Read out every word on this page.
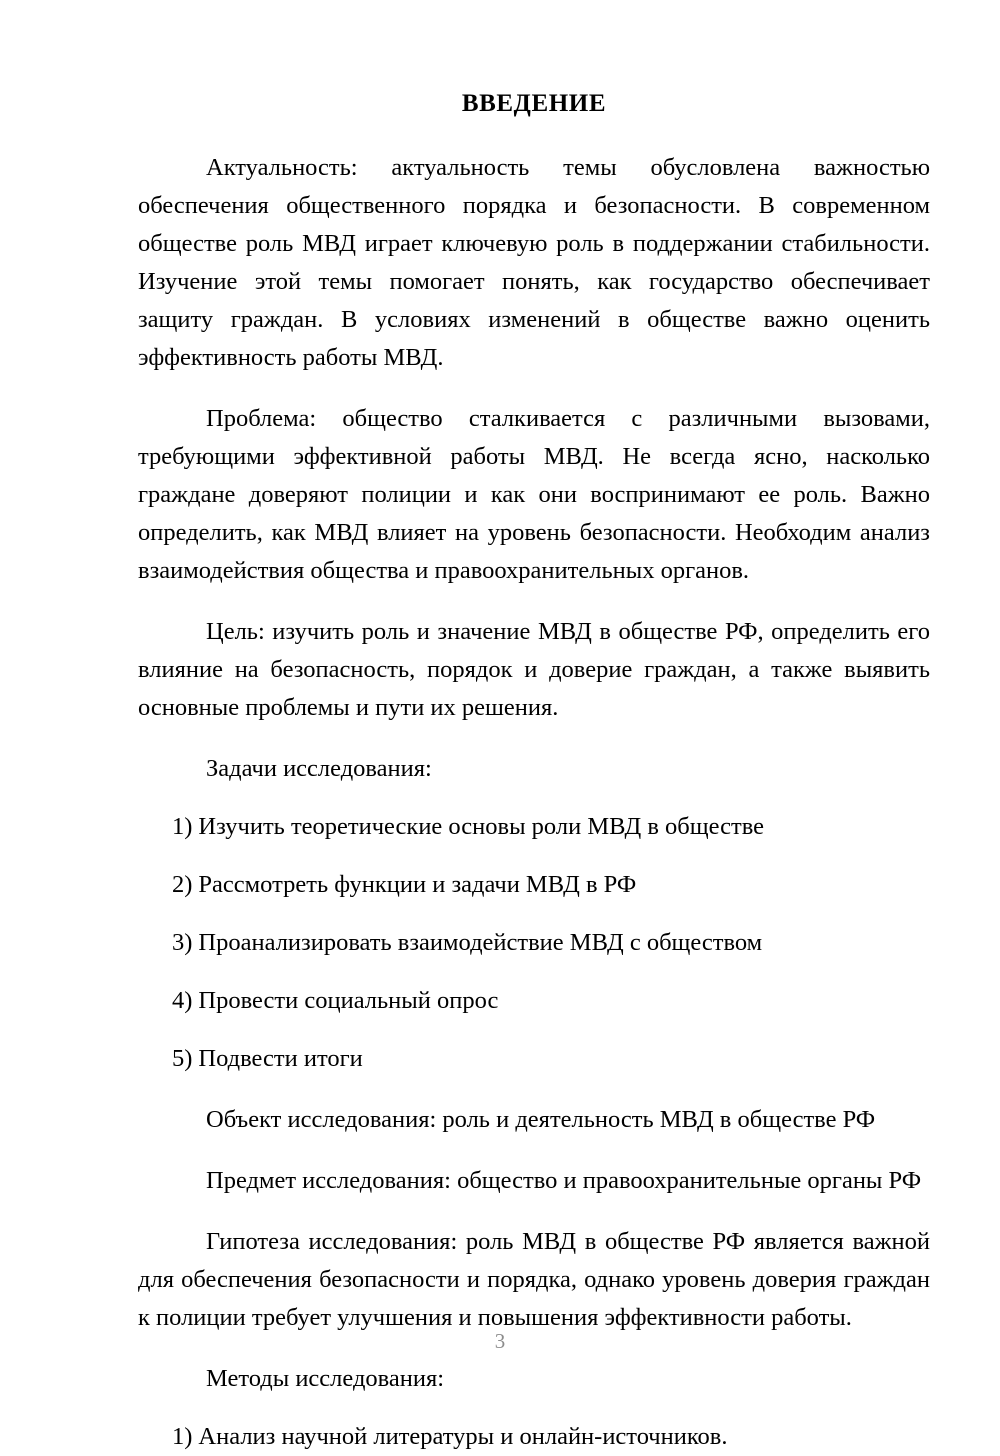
ВВЕДЕНИЕ

Актуальность: актуальность темы обусловлена важностью обеспечения общественного порядка и безопасности. В современном обществе роль МВД играет ключевую роль в поддержании стабильности. Изучение этой темы помогает понять, как государство обеспечивает защиту граждан. В условиях изменений в обществе важно оценить эффективность работы МВД.

Проблема: общество сталкивается с различными вызовами, требующими эффективной работы МВД. Не всегда ясно, насколько граждане доверяют полиции и как они воспринимают ее роль. Важно определить, как МВД влияет на уровень безопасности. Необходим анализ взаимодействия общества и правоохранительных органов.

Цель: изучить роль и значение МВД в обществе РФ, определить его влияние на безопасность, порядок и доверие граждан, а также выявить основные проблемы и пути их решения.

Задачи исследования:

1) Изучить теоретические основы роли МВД в обществе
2) Рассмотреть функции и задачи МВД в РФ
3) Проанализировать взаимодействие МВД с обществом
4) Провести социальный опрос
5) Подвести итоги

Объект исследования: роль и деятельность МВД в обществе РФ

Предмет исследования: общество и правоохранительные органы РФ

Гипотеза исследования: роль МВД в обществе РФ является важной для обеспечения безопасности и порядка, однако уровень доверия граждан к полиции требует улучшения и повышения эффективности работы.

Методы исследования:

1) Анализ научной литературы и онлайн-источников.
3
